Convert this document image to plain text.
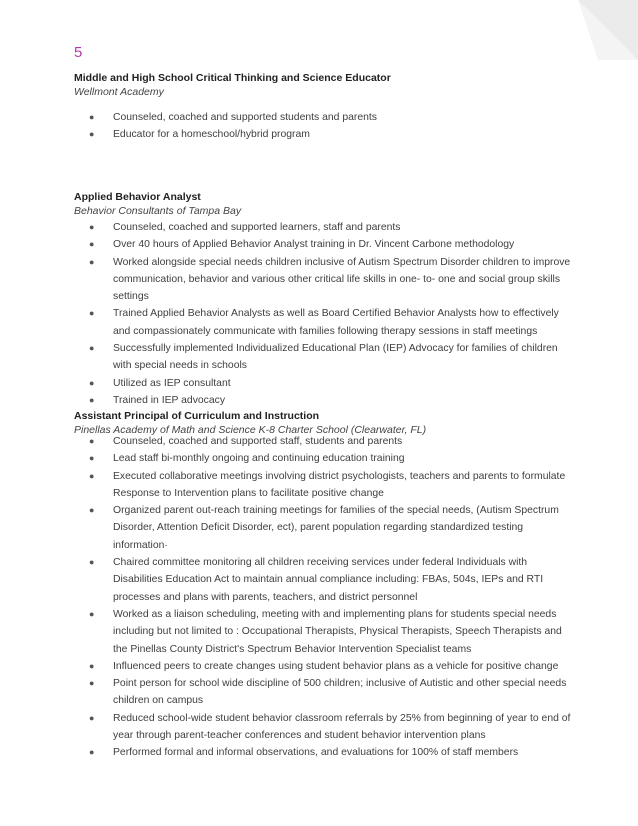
5
Middle and High School Critical Thinking and Science Educator
Wellmont Academy
● Counseled, coached and supported students and parents
● Educator for a homeschool/hybrid program
Applied Behavior Analyst
Behavior Consultants of Tampa Bay
● Counseled, coached and supported learners, staff and parents
● Over 40 hours of Applied Behavior Analyst training in Dr. Vincent Carbone methodology
● Worked alongside special needs children inclusive of Autism Spectrum Disorder children to improve communication, behavior and various other critical life skills in one- to- one and social group skills settings
● Trained Applied Behavior Analysts as well as Board Certified Behavior Analysts how to effectively and compassionately communicate with families following therapy sessions in staff meetings
● Successfully implemented Individualized Educational Plan (IEP) Advocacy for families of children with special needs in schools
● Utilized as IEP consultant
● Trained in IEP advocacy
Assistant Principal of Curriculum and Instruction
Pinellas Academy of Math and Science K-8 Charter School (Clearwater, FL)
● Counseled, coached and supported staff, students and parents
● Lead staff bi-monthly ongoing and continuing education training
● Executed collaborative meetings involving district psychologists, teachers and parents to formulate Response to Intervention plans to facilitate positive change
● Organized parent out-reach training meetings for families of the special needs, (Autism Spectrum Disorder, Attention Deficit Disorder, ect), parent population regarding standardized testing information·
● Chaired committee monitoring all children receiving services under federal Individuals with Disabilities Education Act to maintain annual compliance including: FBAs, 504s, IEPs and RTI processes and plans with parents, teachers, and district personnel
● Worked as a liaison scheduling, meeting with and implementing plans for students special needs including but not limited to : Occupational Therapists, Physical Therapists, Speech Therapists and the Pinellas County District's Spectrum Behavior Intervention Specialist teams
● Influenced peers to create changes using student behavior plans as a vehicle for positive change
● Point person for school wide discipline of 500 children; inclusive of Autistic and other special needs children on campus
● Reduced school-wide student behavior classroom referrals by 25% from beginning of year to end of year through parent-teacher conferences and student behavior intervention plans
● Performed formal and informal observations, and evaluations for 100% of staff members
